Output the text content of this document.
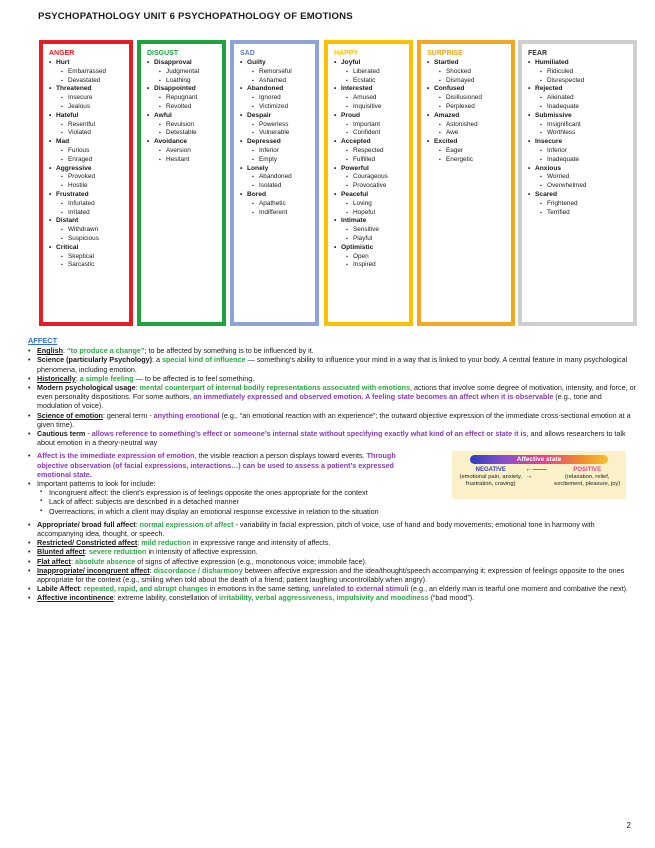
PSYCHOPATHOLOGY UNIT 6 PSYCHOPATHOLOGY OF EMOTIONS
ANGER
• Hurt
▪ Embarrassed
▪ Devastated
• Threatened
▪ Insecure
▪ Jealous
• Hateful
▪ Resentful
▪ Violated
• Mad
▪ Furious
▪ Enraged
• Aggressive
▪ Provoked
▪ Hostile
• Frustrated
▪ Infuriated
▪ Irritated
• Distant
▪ Withdrawn
▪ Suspicious
• Critical
▪ Skeptical
▪ Sarcastic
DISGUST
• Disapproval
▪ Judgmental
▪ Loathing
• Disappointed
▪ Repugnant
▪ Revolted
• Awful
▪ Revulsion
▪ Detestable
• Avoidance
▪ Aversion
▪ Hesitant
SAD
• Guilty
▪ Remorseful
▪ Ashamed
• Abandoned
▪ Ignored
▪ Victimized
• Despair
▪ Powerless
▪ Vulnerable
• Depressed
▪ Inferior
▪ Empty
• Lonely
▪ Abandoned
▪ Isolated
• Bored
▪ Apathetic
▪ Indifferent
HAPPY
• Joyful
▪ Liberated
▪ Ecstatic
• Interested
▪ Amused
▪ Inquisitive
• Proud
▪ Important
▪ Confident
• Accepted
▪ Respected
▪ Fulfilled
• Powerful
▪ Courageous
▪ Provocative
• Peaceful
▪ Loving
▪ Hopeful
• Intimate
▪ Sensitive
▪ Playful
• Optimistic
▪ Open
▪ Inspired
SURPRISE
• Startled
▪ Shocked
▪ Dismayed
• Confused
▪ Disillusioned
▪ Perplexed
• Amazed
▪ Astonished
▪ Awe
• Excited
▪ Eager
▪ Energetic
FEAR
• Humiliated
▪ Ridiculed
▪ Disrespected
• Rejected
▪ Alienated
▪ Inadequate
• Submissive
▪ Insignificant
▪ Worthless
• Insecure
▪ Inferior
▪ Inadequate
• Anxious
▪ Worried
▪ Overwhelmed
• Scared
▪ Frightened
▪ Terrified
AFFECT

• English: “to produce a change”; to be affected by something is to be influenced by it.

• Science (particularly Psychology): a special kind of influence — something’s ability to influence your mind in a way that is linked to your body. A central feature in many psychological phenomena, including emotion.

• Historically: a simple feeling — to be affected is to feel something.

• Modern psychological usage: mental counterpart of internal bodily representations associated with emotions, actions that involve some degree of motivation, intensity, and force, or even personality dispositions. For some authors, an immediately expressed and observed emotion. A feeling state becomes an affect when it is observable (e.g., tone and modulation of voice).

• Science of emotion: general term - anything emotional (e.g., “an emotional reaction with an experience”; the outward objective expression of the immediate cross-sectional emotion at a given time).

• Cautious term - allows reference to something’s effect or someone’s internal state without specifying exactly what kind of an effect or state it is, and allows researchers to talk about emotion in a theory-neutral way

• Affect is the immediate expression of emotion, the visible reaction a person displays toward events. Through objective observation (of facial expressions, interactions…) can be used to assess a patient’s expressed emotional state.

• Important patterns to look for include:

Affective state
NEGATIVE
(emotional pain, anxiety, frustration, craving)
←——→
POSITIVE
(relaxation, relief, excitement, pleasure, joy)

▪ Incongruent affect: the client’s expression is of feelings opposite the ones appropriate for the context

▪ Lack of affect: subjects are described in a detached manner

▪ Overreactions, in which a client may display an emotional response excessive in relation to the situation

• Appropriate/ broad full affect: normal expression of affect - variability in facial expression, pitch of voice, use of hand and body movements; emotional tone in harmony with accompanying idea, thought, or speech.

• Restricted/ Constricted affect: mild reduction in expressive range and intensity of affects.

• Blunted affect: severe reduction in intensity of affective expression.

• Flat affect: absolute absence of signs of affective expression (e.g., monotonous voice; immobile face).

• Inappropriate/ incongruent affect: discordance / disharmony between affective expression and the idea/thought/speech accompanying it; expression of feelings opposite to the ones appropriate for the context (e.g., smiling when told about the death of a friend; patient laughing uncontrollably when angry).

• Labile Affect: repeated, rapid, and abrupt changes in emotions in the same setting, unrelated to external stimuli (e.g., an elderly man is tearful one moment and combative the next).

• Affective incontinence: extreme lability, constellation of irritability, verbal aggressiveness, impulsivity and moodiness (“bad mood”).

2
